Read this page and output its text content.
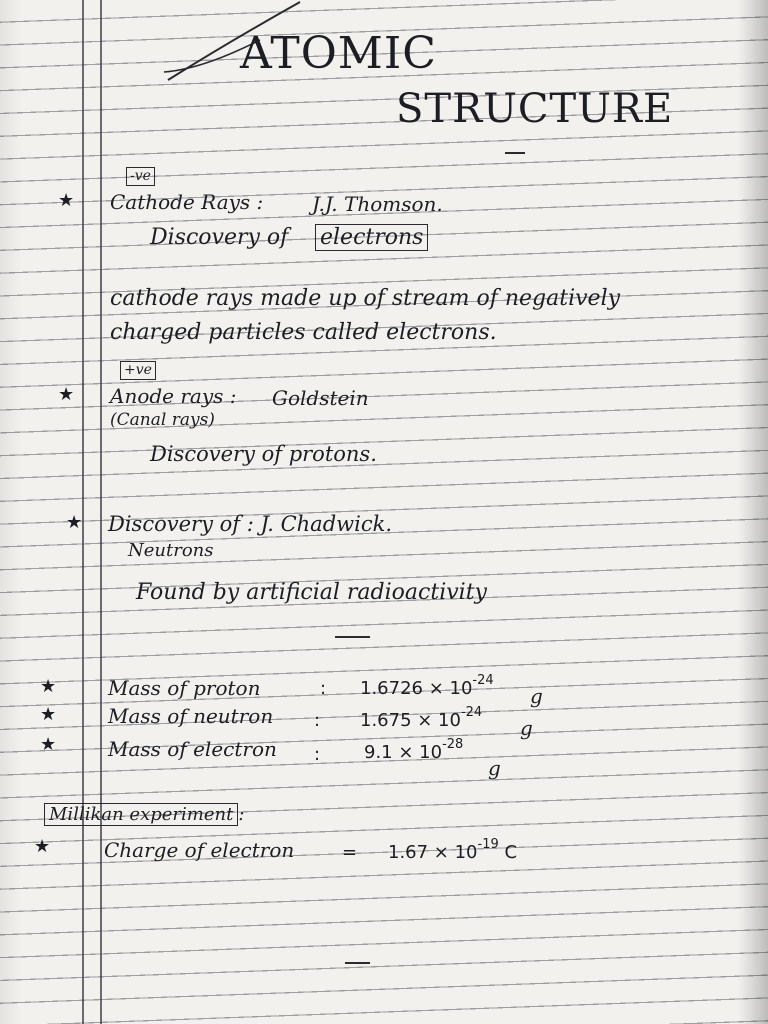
ATOMIC
STRUCTURE
-ve
★ Cathode Rays : J.J. Thomson.
Discovery of electrons
cathode rays made up of stream of negatively
charged particles called electrons.
+ve
★ Anode rays : Goldstein
(Canal rays)
Discovery of protons.
★ Discovery of : J. Chadwick.
Neutrons
Found by artificial radioactivity
★	Mass of proton	: $1.6726 \times 10^{-24}$
g
★	Mass of neutron : $1.675 \times 10^{-24}$
g
★	Mass of electron : $9.1 \times 10^{-28}$
g
Millikan experiment :
★	Charge of electron	= $1.67 \times 10^{-19}$ C
